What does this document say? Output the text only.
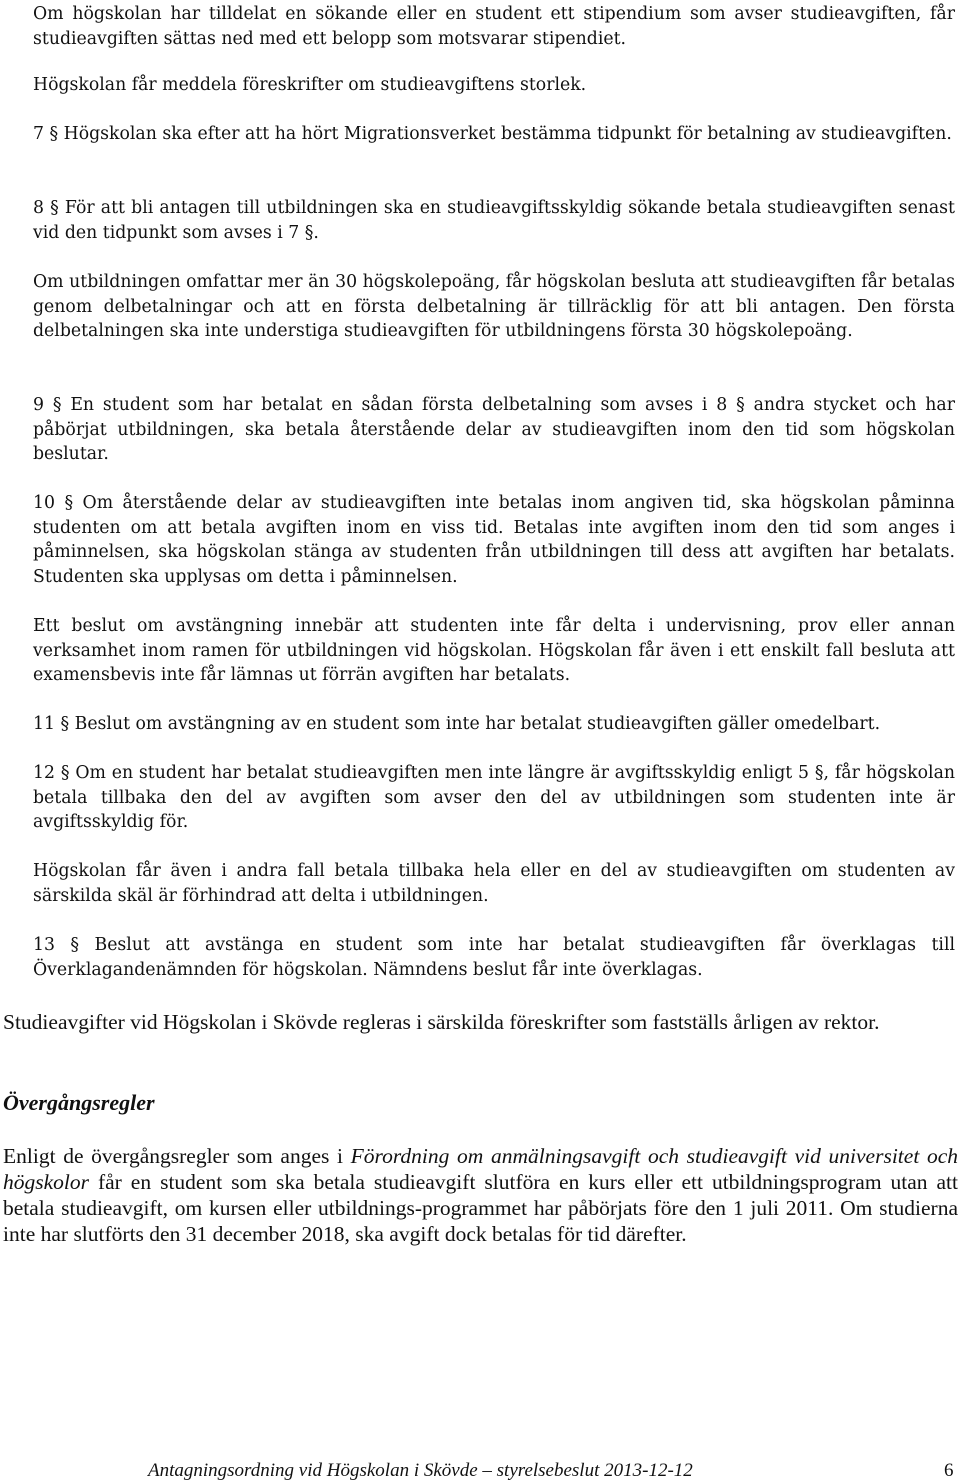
Om högskolan har tilldelat en sökande eller en student ett stipendium som avser studieavgiften, får studieavgiften sättas ned med ett belopp som motsvarar stipendiet.

Högskolan får meddela föreskrifter om studieavgiftens storlek.

7 § Högskolan ska efter att ha hört Migrationsverket bestämma tidpunkt för betalning av studieavgiften.

8 § För att bli antagen till utbildningen ska en studieavgiftsskyldig sökande betala studieavgiften senast vid den tidpunkt som avses i 7 §.

Om utbildningen omfattar mer än 30 högskolepoäng, får högskolan besluta att studieavgiften får betalas genom delbetalningar och att en första delbetalning är tillräcklig för att bli antagen. Den första delbetalningen ska inte understiga studieavgiften för utbildningens första 30 högskolepoäng.

9 § En student som har betalat en sådan första delbetalning som avses i 8 § andra stycket och har påbörjat utbildningen, ska betala återstående delar av studieavgiften inom den tid som högskolan beslutar.

10 § Om återstående delar av studieavgiften inte betalas inom angiven tid, ska högskolan påminna studenten om att betala avgiften inom en viss tid. Betalas inte avgiften inom den tid som anges i påminnelsen, ska högskolan stänga av studenten från utbildningen till dess att avgiften har betalats. Studenten ska upplysas om detta i påminnelsen.

Ett beslut om avstängning innebär att studenten inte får delta i undervisning, prov eller annan verksamhet inom ramen för utbildningen vid högskolan. Högskolan får även i ett enskilt fall besluta att examensbevis inte får lämnas ut förrän avgiften har betalats.

11 § Beslut om avstängning av en student som inte har betalat studieavgiften gäller omedelbart.

12 § Om en student har betalat studieavgiften men inte längre är avgiftsskyldig enligt 5 §, får högskolan betala tillbaka den del av avgiften som avser den del av utbildningen som studenten inte är avgiftsskyldig för.

Högskolan får även i andra fall betala tillbaka hela eller en del av studieavgiften om studenten av särskilda skäl är förhindrad att delta i utbildningen.

13 § Beslut att avstänga en student som inte har betalat studieavgiften får överklagas till Överklagandenämnden för högskolan. Nämndens beslut får inte överklagas.

Studieavgifter vid Högskolan i Skövde regleras i särskilda föreskrifter som fastställs årligen av rektor.

Övergångsregler

Enligt de övergångsregler som anges i Förordning om anmälningsavgift och studieavgift vid universitet och högskolor får en student som ska betala studieavgift slutföra en kurs eller ett utbildningsprogram utan att betala studieavgift, om kursen eller utbildnings-programmet har påbörjats före den 1 juli 2011. Om studierna inte har slutförts den 31 december 2018, ska avgift dock betalas för tid därefter.

Antagningsordning vid Högskolan i Skövde – styrelsebeslut 2013-12-12	6
